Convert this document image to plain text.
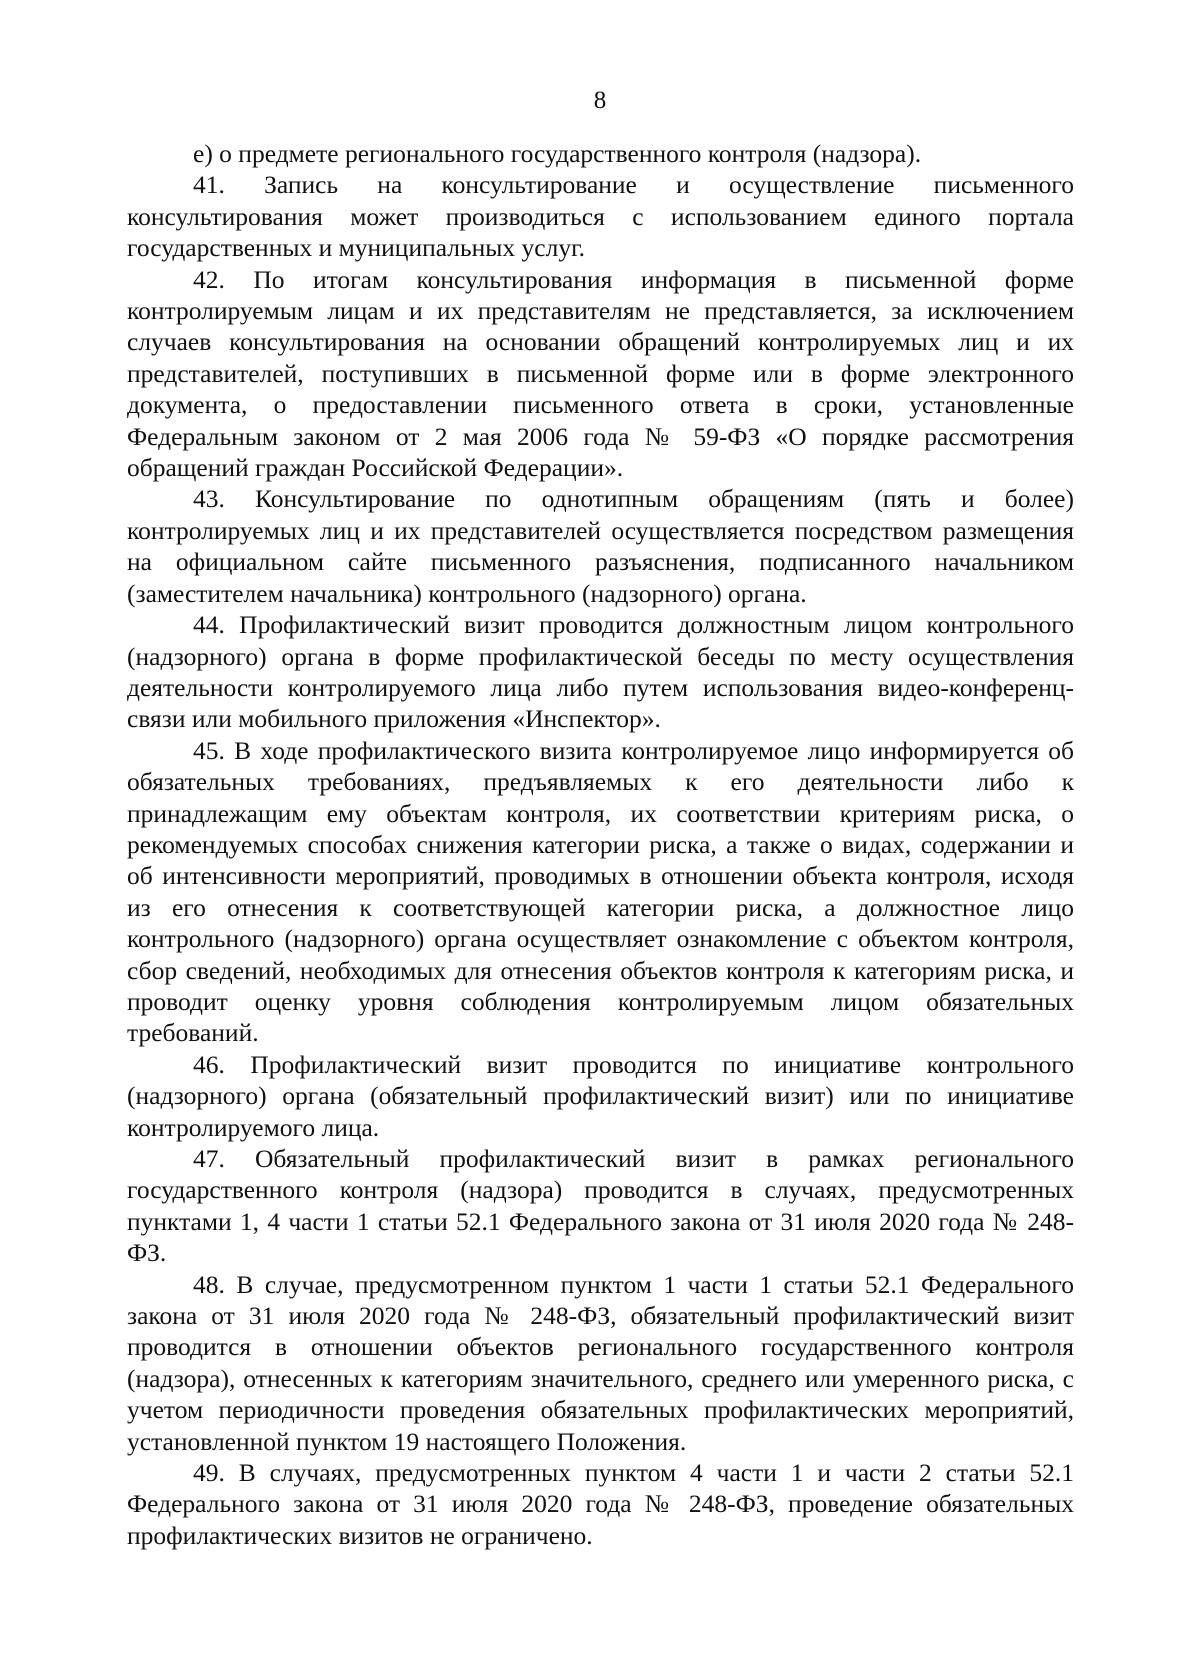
8

е) о предмете регионального государственного контроля (надзора).

41. Запись на консультирование и осуществление письменного консультирования может производиться с использованием единого портала государственных и муниципальных услуг.

42. По итогам консультирования информация в письменной форме контролируемым лицам и их представителям не представляется, за исключением случаев консультирования на основании обращений контролируемых лиц и их представителей, поступивших в письменной форме или в форме электронного документа, о предоставлении письменного ответа в сроки, установленные Федеральным законом от 2 мая 2006 года № 59-ФЗ «О порядке рассмотрения обращений граждан Российской Федерации».

43. Консультирование по однотипным обращениям (пять и более) контролируемых лиц и их представителей осуществляется посредством размещения на официальном сайте письменного разъяснения, подписанного начальником (заместителем начальника) контрольного (надзорного) органа.

44. Профилактический визит проводится должностным лицом контрольного (надзорного) органа в форме профилактической беседы по месту осуществления деятельности контролируемого лица либо путем использования видео-конференц-связи или мобильного приложения «Инспектор».

45. В ходе профилактического визита контролируемое лицо информируется об обязательных требованиях, предъявляемых к его деятельности либо к принадлежащим ему объектам контроля, их соответствии критериям риска, о рекомендуемых способах снижения категории риска, а также о видах, содержании и об интенсивности мероприятий, проводимых в отношении объекта контроля, исходя из его отнесения к соответствующей категории риска, а должностное лицо контрольного (надзорного) органа осуществляет ознакомление с объектом контроля, сбор сведений, необходимых для отнесения объектов контроля к категориям риска, и проводит оценку уровня соблюдения контролируемым лицом обязательных требований.

46. Профилактический визит проводится по инициативе контрольного (надзорного) органа (обязательный профилактический визит) или по инициативе контролируемого лица.

47. Обязательный профилактический визит в рамках регионального государственного контроля (надзора) проводится в случаях, предусмотренных пунктами 1, 4 части 1 статьи 52.1 Федерального закона от 31 июля 2020 года № 248-ФЗ.

48. В случае, предусмотренном пунктом 1 части 1 статьи 52.1 Федерального закона от 31 июля 2020 года № 248-ФЗ, обязательный профилактический визит проводится в отношении объектов регионального государственного контроля (надзора), отнесенных к категориям значительного, среднего или умеренного риска, с учетом периодичности проведения обязательных профилактических мероприятий, установленной пунктом 19 настоящего Положения.

49. В случаях, предусмотренных пунктом 4 части 1 и части 2 статьи 52.1 Федерального закона от 31 июля 2020 года № 248-ФЗ, проведение обязательных профилактических визитов не ограничено.
